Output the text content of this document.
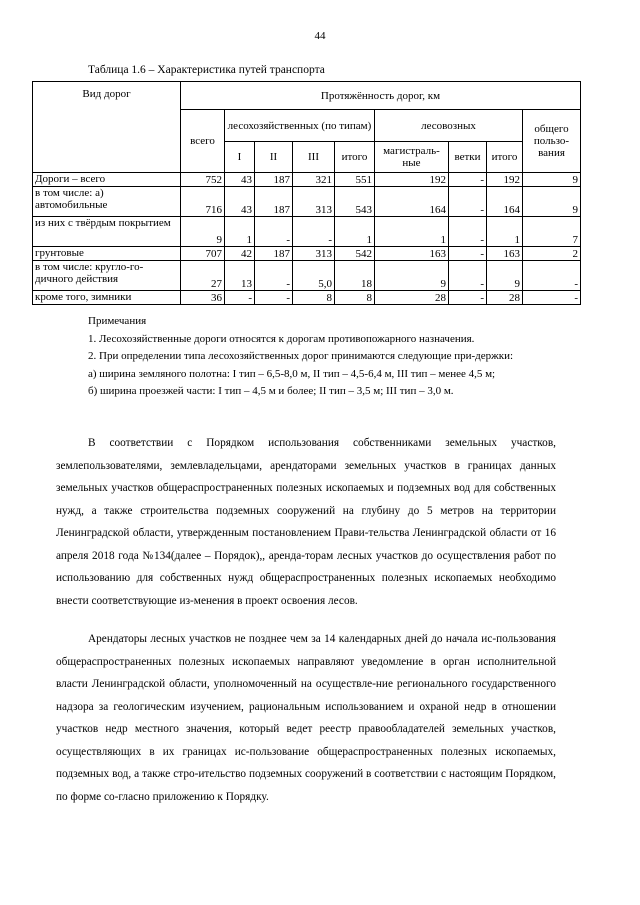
44
Таблица 1.6 – Характеристика путей транспорта
Вид дорог	Протяжённость дорог, км								
	всего	лесохозяйственных (по типам)				лесовозных			общего пользо-вания
		I	II	III	итого	магистраль-ные	ветки	итого	
Дороги – всего	752	43	187	321	551	192	-	192	9
в том числе: а) автомобильные	716	43	187	313	543	164	-	164	9
из них с твёрдым покрытием	9	1	-	-	1	1	-	1	7
грунтовые	707	42	187	313	542	163	-	163	2
в том числе: кругло-го-дичного действия	27	13	-	5,0	18	9	-	9	-
кроме того, зимники	36	-	-	8	8	28	-	28	-

Примечания

1. Лесохозяйственные дороги относятся к дорогам противопожарного назначения.

2. При определении типа лесохозяйственных дорог принимаются следующие при-держки:

а) ширина земляного полотна: I тип – 6,5-8,0 м, II тип – 4,5-6,4 м, III тип – менее 4,5 м;

б) ширина проезжей части: I тип – 4,5 м и более; II тип – 3,5 м; III тип – 3,0 м.

В соответствии с Порядком использования собственниками земельных участков, землепользователями, землевладельцами, арендаторами земельных участков в границах данных земельных участков общераспространенных полезных ископаемых и подземных вод для собственных нужд, а также строительства подземных сооружений на глубину до 5 метров на территории Ленинградской области, утвержденным постановлением Прави-тельства Ленинградской области от 16 апреля 2018 года №134(далее – Порядок),, аренда-торам лесных участков до осуществления работ по использованию для собственных нужд общераспространенных полезных ископаемых необходимо внести соответствующие из-менения в проект освоения лесов.

Арендаторы лесных участков не позднее чем за 14 календарных дней до начала ис-пользования общераспространенных полезных ископаемых направляют уведомление в орган исполнительной власти Ленинградской области, уполномоченный на осуществле-ние регионального государственного надзора за геологическим изучением, рациональным использованием и охраной недр в отношении участков недр местного значения, который ведет реестр правообладателей земельных участков, осуществляющих в их границах ис-пользование общераспространенных полезных ископаемых, подземных вод, а также стро-ительство подземных сооружений в соответствии с настоящим Порядком, по форме со-гласно приложению к Порядку.
